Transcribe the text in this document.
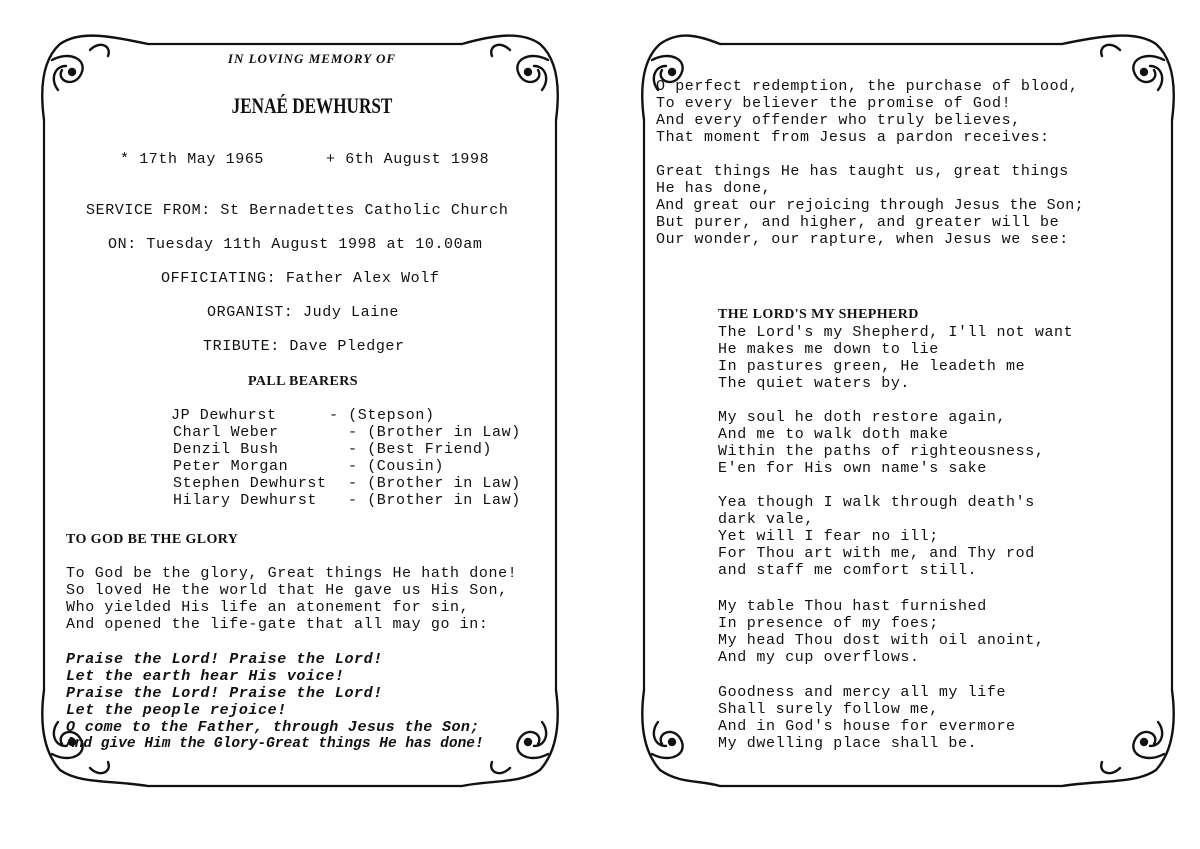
IN LOVING MEMORY OF
JENAÉ DEWHURST
* 17th May 1965	+ 6th August 1998
SERVICE FROM: St Bernadettes Catholic Church
ON: Tuesday 11th August 1998 at 10.00am
OFFICIATING: Father Alex Wolf
ORGANIST: Judy Laine
TRIBUTE: Dave Pledger
PALL BEARERS
JP Dewhurst	- (Stepson)
Charl Weber	- (Brother in Law)
Denzil Bush	- (Best Friend)
Peter Morgan	- (Cousin)
Stephen Dewhurst - (Brother in Law)
Hilary Dewhurst - (Brother in Law)
TO GOD BE THE GLORY
To God be the glory, Great things He hath done!
So loved He the world that He gave us His Son,
Who yielded His life an atonement for sin,
And opened the life-gate that all may go in:
Praise the Lord! Praise the Lord!
Let the earth hear His voice!
Praise the Lord! Praise the Lord!
Let the people rejoice!
O come to the Father, through Jesus the Son;
And give Him the Glory-Great things He has done!
O perfect redemption, the purchase of blood,
To every believer the promise of God!
And every offender who truly believes,
That moment from Jesus a pardon receives:
Great things He has taught us, great things
He has done,
And great our rejoicing through Jesus the Son;
But purer, and higher, and greater will be
Our wonder, our rapture, when Jesus we see:
THE LORD'S MY SHEPHERD
The Lord's my Shepherd, I'll not want
He makes me down to lie
In pastures green, He leadeth me
The quiet waters by.
My soul he doth restore again,
And me to walk doth make
Within the paths of righteousness,
E'en for His own name's sake
Yea though I walk through death's
dark vale,
Yet will I fear no ill;
For Thou art with me, and Thy rod
and staff me comfort still.
My table Thou hast furnished
In presence of my foes;
My head Thou dost with oil anoint,
And my cup overflows.
Goodness and mercy all my life
Shall surely follow me,
And in God's house for evermore
My dwelling place shall be.
